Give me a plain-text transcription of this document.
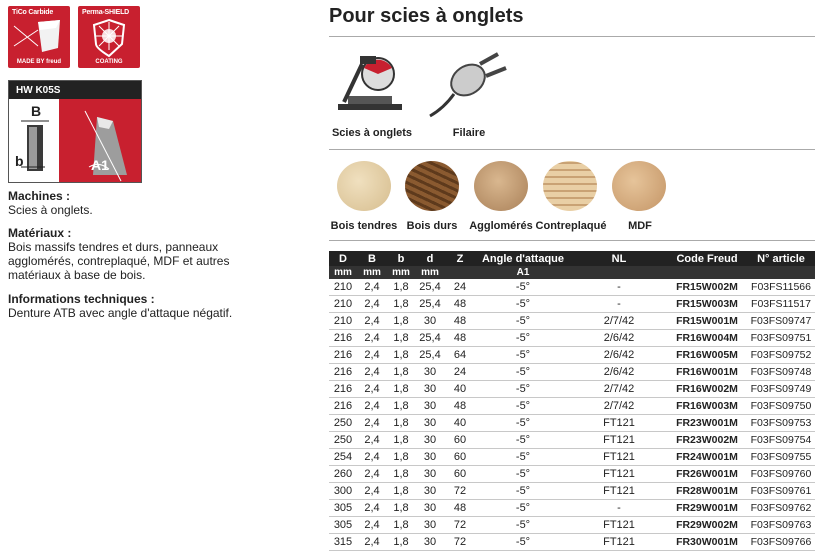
TiCo Carbide
MADE BY freud
Perma-SHIELD
COATING
HW K05S
B
b	A1
Machines :
Scies à onglets.
Matériaux :
Bois massifs tendres et durs, panneaux agglomérés, contreplaqué, MDF et autres matériaux à base de bois.
Informations techniques :
Denture ATB avec angle d'attaque négatif.
Pour scies à onglets
Scies à onglets	Filaire
Bois tendres Bois durs	Agglomérés Contreplaqué	MDF
D	B	b	d	Z	Angle d'attaque	NL	Code Freud	N° article
mm	mm	mm	mm		A1			
210	2,4	1,8	25,4	24	-5°	-	FR15W002M	F03FS11566
210	2,4	1,8	25,4	48	-5°	-	FR15W003M	F03FS11517
210	2,4	1,8	30	48	-5°	2/7/42	FR15W001M	F03FS09747
216	2,4	1,8	25,4	48	-5°	2/6/42	FR16W004M	F03FS09751
216	2,4	1,8	25,4	64	-5°	2/6/42	FR16W005M	F03FS09752
216	2,4	1,8	30	24	-5°	2/6/42	FR16W001M	F03FS09748
216	2,4	1,8	30	40	-5°	2/7/42	FR16W002M	F03FS09749
216	2,4	1,8	30	48	-5°	2/7/42	FR16W003M	F03FS09750
250	2,4	1,8	30	40	-5°	FT121	FR23W001M	F03FS09753
250	2,4	1,8	30	60	-5°	FT121	FR23W002M	F03FS09754
254	2,4	1,8	30	60	-5°	FT121	FR24W001M	F03FS09755
260	2,4	1,8	30	60	-5°	FT121	FR26W001M	F03FS09760
300	2,4	1,8	30	72	-5°	FT121	FR28W001M	F03FS09761
305	2,4	1,8	30	48	-5°	-	FR29W001M	F03FS09762
305	2,4	1,8	30	72	-5°	FT121	FR29W002M	F03FS09763
315	2,4	1,8	30	72	-5°	FT121	FR30W001M	F03FS09766
